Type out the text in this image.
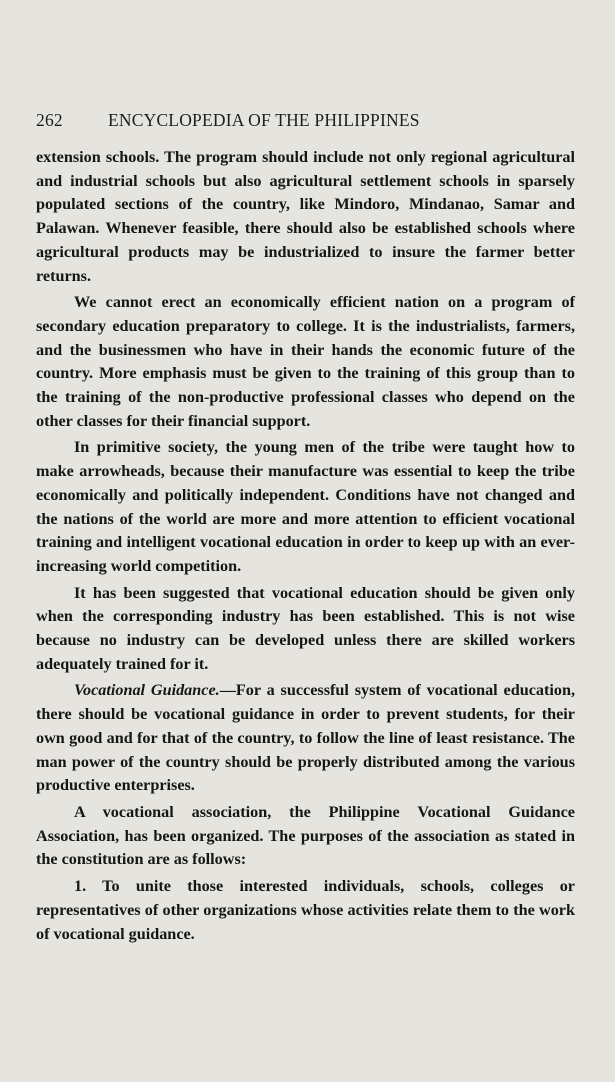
262	ENCYCLOPEDIA OF THE PHILIPPINES

extension schools. The program should include not only regional agricultural and industrial schools but also agricultural settlement schools in sparsely populated sections of the country, like Mindoro, Mindanao, Samar and Palawan. Whenever feasible, there should also be established schools where agricultural products may be industrialized to insure the farmer better returns.

We cannot erect an economically efficient nation on a program of secondary education preparatory to college. It is the industrialists, farmers, and the businessmen who have in their hands the economic future of the country. More emphasis must be given to the training of this group than to the training of the non-productive professional classes who depend on the other classes for their financial support.

In primitive society, the young men of the tribe were taught how to make arrowheads, because their manufacture was essential to keep the tribe economically and politically independent. Conditions have not changed and the nations of the world are more and more attention to efficient vocational training and intelligent vocational education in order to keep up with an ever-increasing world competition.

It has been suggested that vocational education should be given only when the corresponding industry has been established. This is not wise because no industry can be developed unless there are skilled workers adequately trained for it.

Vocational Guidance.—For a successful system of vocational education, there should be vocational guidance in order to prevent students, for their own good and for that of the country, to follow the line of least resistance. The man power of the country should be properly distributed among the various productive enterprises.

A vocational association, the Philippine Vocational Guidance Association, has been organized. The purposes of the association as stated in the constitution are as follows:

1. To unite those interested individuals, schools, colleges or representatives of other organizations whose activities relate them to the work of vocational guidance.
